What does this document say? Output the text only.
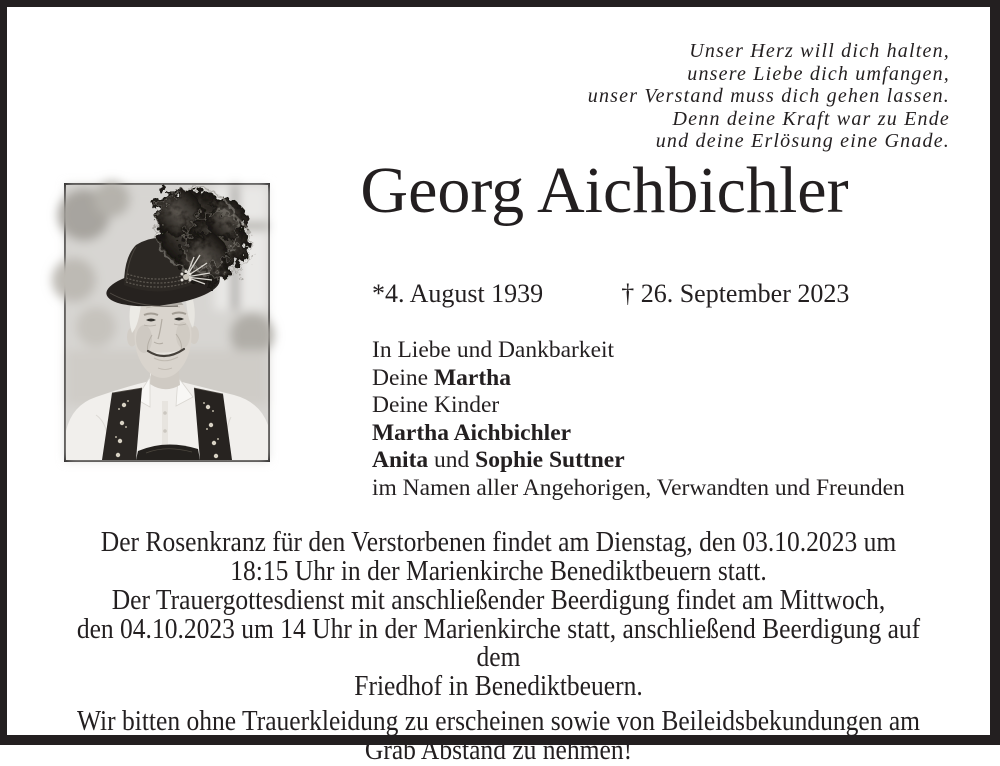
Unser Herz will dich halten,
unsere Liebe dich umfangen,
unser Verstand muss dich gehen lassen.
Denn deine Kraft war zu Ende
und deine Erlösung eine Gnade.
Georg Aichbichler
*4. August 1939	† 26. September 2023
In Liebe und Dankbarkeit
Deine Martha
Deine Kinder
Martha Aichbichler
Anita und Sophie Suttner
im Namen aller Angehorigen, Verwandten und Freunden
Der Rosenkranz für den Verstorbenen findet am Dienstag, den 03.10.2023 um
18:15 Uhr in der Marienkirche Benediktbeuern statt.
Der Trauergottesdienst mit anschließender Beerdigung findet am Mittwoch,
den 04.10.2023 um 14 Uhr in der Marienkirche statt, anschließend Beerdigung auf dem
Friedhof in Benediktbeuern.
Wir bitten ohne Trauerkleidung zu erscheinen sowie von Beileidsbekundungen am
Grab Abstand zu nehmen!
